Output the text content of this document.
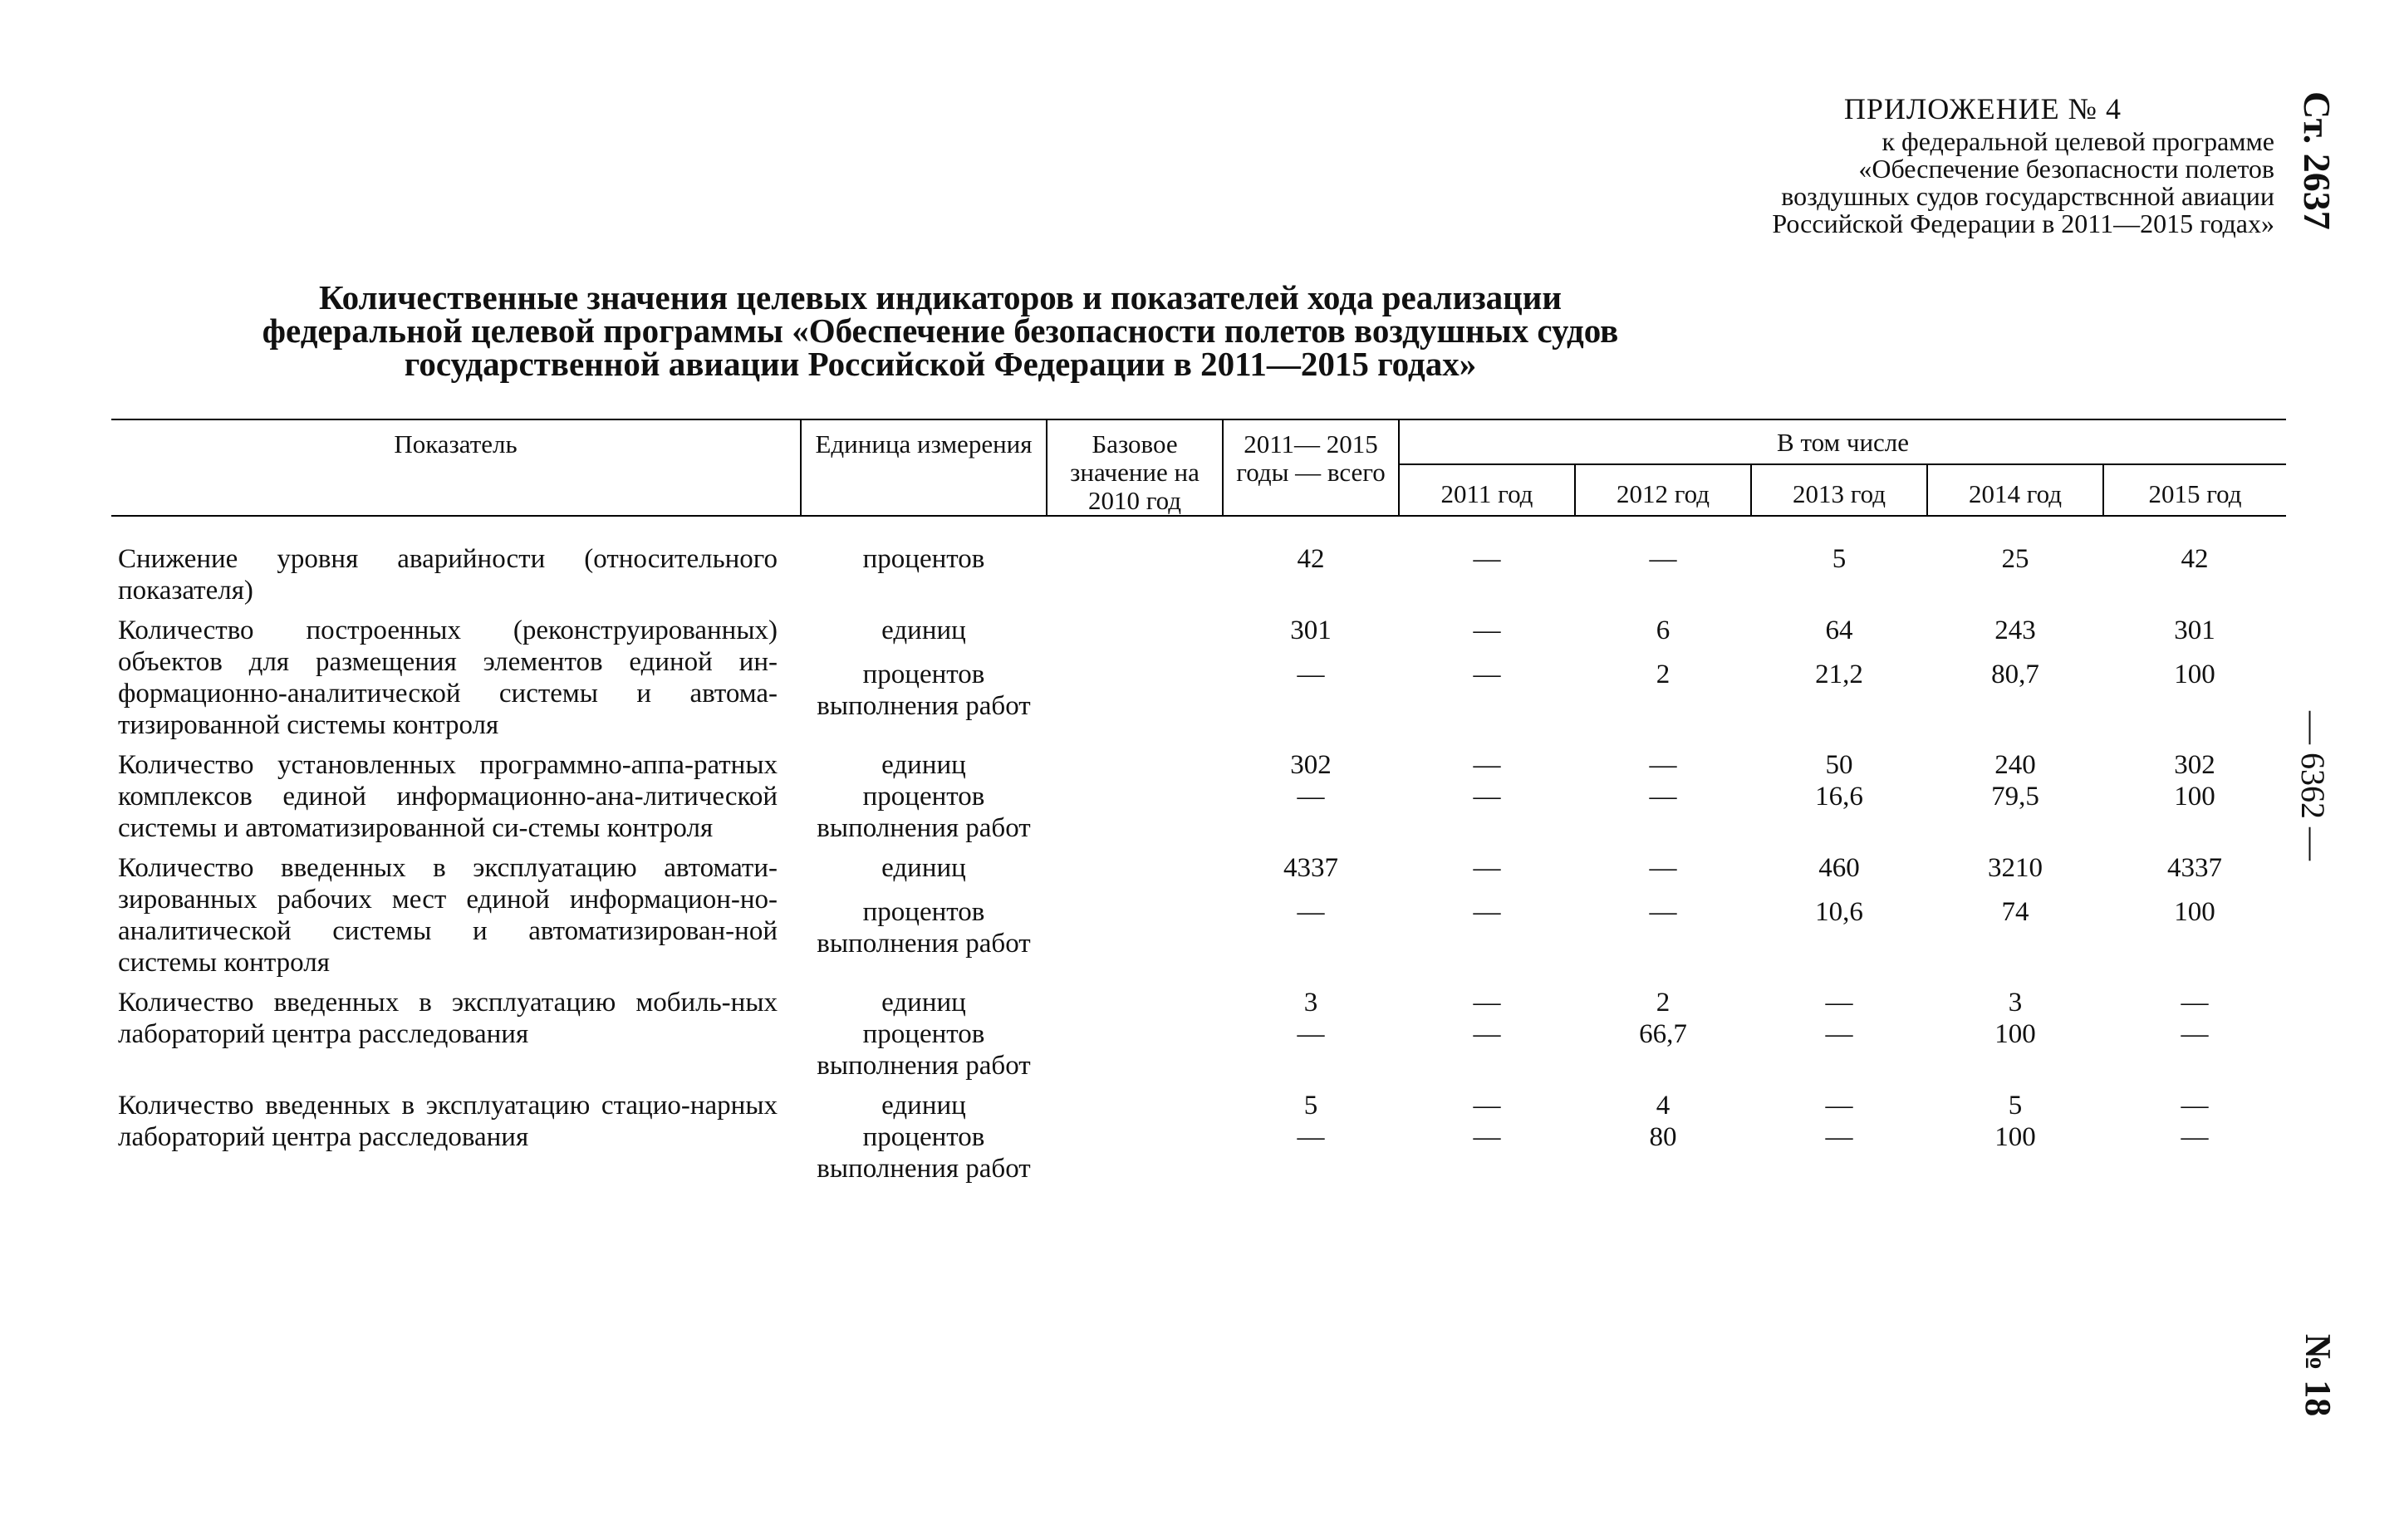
ПРИЛОЖЕНИЕ № 4
к федеральной целевой программе
«Обеспечение безопасности полетов
воздушных судов государствснной авиации
Российской Федерации в 2011—2015 годах»
Количественные значения целевых индикаторов и показателей хода реализации
федеральной целевой программы «Обеспечение безопасности полетов воздушных судов
государственной авиации Российской Федерации в 2011—2015 годах»
Показатель	Единица измерения	Базовое значение на 2010 год	2011— 2015 годы — всего	В том числе				
				2011 год	2012 год	2013 год	2014 год	2015 год

Снижение уровня аварийности (относительного показателя)	процентов		42	—	—	5	25	42
Количество построенных (реконструированных) объектов для размещения элементов единой ин-формационно-аналитической системы и автома-тизированной системы контроля	единиц		301	—	6	64	243	301
	процентов выполнения работ		—	—	2	21,2	80,7	100
Количество установленных программно-аппа-ратных комплексов единой информационно-ана-литической системы и автоматизированной си-стемы контроля	единиц		302	—	—	50	240	302
	процентов выполнения работ		—	—	—	16,6	79,5	100
Количество введенных в эксплуатацию автомати-зированных рабочих мест единой информацион-но-аналитической системы и автоматизирован-ной системы контроля	единиц		4337	—	—	460	3210	4337
	процентов выполнения работ		—	—	—	10,6	74	100
Количество введенных в эксплуатацию мобиль-ных лабораторий центра расследования	единиц		3	—	2	—	3	—
	процентов выполнения работ		—	—	66,7	—	100	—
Количество введенных в эксплуатацию стацио-нарных лабораторий центра расследования	единиц		5	—	4	—	5	—
	процентов выполнения работ		—	—	80	—	100	—
Ст. 2637
— 6362 —
№ 18
